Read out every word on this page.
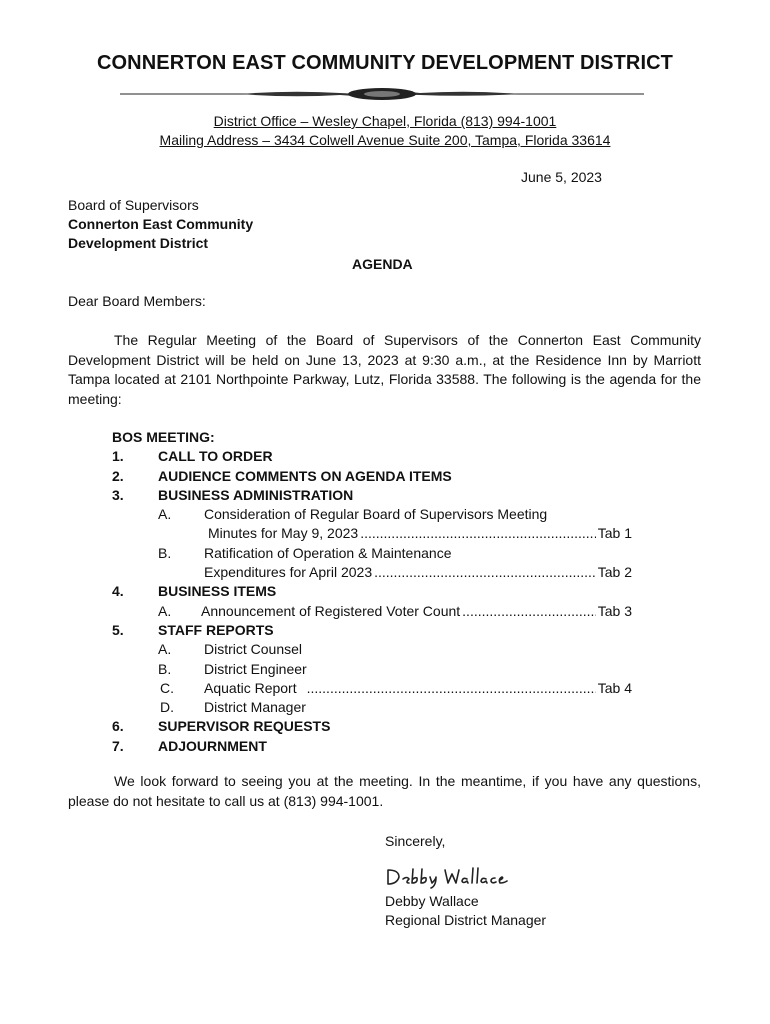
CONNERTON EAST COMMUNITY DEVELOPMENT DISTRICT
District Office – Wesley Chapel, Florida (813) 994-1001
Mailing Address – 3434 Colwell Avenue Suite 200, Tampa, Florida 33614
June 5, 2023
Board of Supervisors
Connerton East Community
Development District
AGENDA
Dear Board Members:

The Regular Meeting of the Board of Supervisors of the Connerton East Community Development District will be held on June 13, 2023 at 9:30 a.m., at the Residence Inn by Marriott Tampa located at 2101 Northpointe Parkway, Lutz, Florida 33588. The following is the agenda for the meeting:

BOS MEETING:
1. CALL TO ORDER
2. AUDIENCE COMMENTS ON AGENDA ITEMS
3. BUSINESS ADMINISTRATION
A. Consideration of Regular Board of Supervisors Meeting
Minutes for May 9, 2023 .....	Tab 1
B. Ratification of Operation & Maintenance
Expenditures for April 2023 .....	Tab 2
4. BUSINESS ITEMS
A. Announcement of Registered Voter Count .....	Tab 3
5. STAFF REPORTS
A. District Counsel
B. District Engineer
C. Aquatic Report .....	Tab 4
D. District Manager
6. SUPERVISOR REQUESTS
7. ADJOURNMENT

We look forward to seeing you at the meeting. In the meantime, if you have any questions, please do not hesitate to call us at (813) 994-1001.

Sincerely,
Debby Wallace
Regional District Manager
